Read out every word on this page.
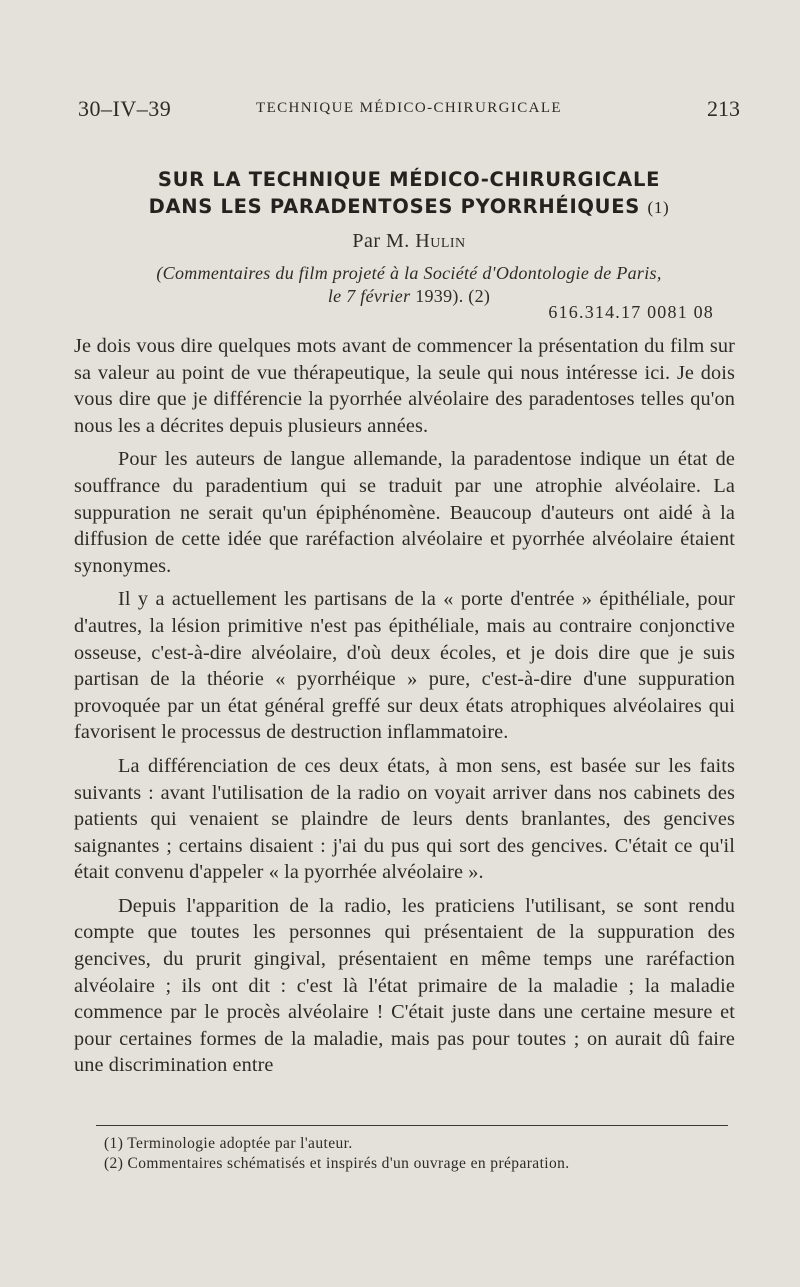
30–IV–39	TECHNIQUE MÉDICO-CHIRURGICALE	213
SUR LA TECHNIQUE MÉDICO-CHIRURGICALE
DANS LES PARADENTOSES PYORRHÉIQUES (1)
Par M. Hulin
(Commentaires du film projeté à la Société d'Odontologie de Paris,
le 7 février 1939). (2)
616.314.17 0081 08

Je dois vous dire quelques mots avant de commencer la présentation du film sur sa valeur au point de vue thérapeutique, la seule qui nous intéresse ici. Je dois vous dire que je différencie la pyorrhée alvéolaire des paradentoses telles qu'on nous les a décrites depuis plusieurs années.

Pour les auteurs de langue allemande, la paradentose indique un état de souffrance du paradentium qui se traduit par une atrophie alvéolaire. La suppuration ne serait qu'un épiphénomène. Beaucoup d'auteurs ont aidé à la diffusion de cette idée que raréfaction alvéolaire et pyorrhée alvéolaire étaient synonymes.

Il y a actuellement les partisans de la « porte d'entrée » épithéliale, pour d'autres, la lésion primitive n'est pas épithéliale, mais au contraire conjonctive osseuse, c'est-à-dire alvéolaire, d'où deux écoles, et je dois dire que je suis partisan de la théorie « pyorrhéique » pure, c'est-à-dire d'une suppuration provoquée par un état général greffé sur deux états atrophiques alvéolaires qui favorisent le processus de destruction inflammatoire.

La différenciation de ces deux états, à mon sens, est basée sur les faits suivants : avant l'utilisation de la radio on voyait arriver dans nos cabinets des patients qui venaient se plaindre de leurs dents branlantes, des gencives saignantes ; certains disaient : j'ai du pus qui sort des gencives. C'était ce qu'il était convenu d'appeler « la pyorrhée alvéolaire ».

Depuis l'apparition de la radio, les praticiens l'utilisant, se sont rendu compte que toutes les personnes qui présentaient de la suppuration des gencives, du prurit gingival, présentaient en même temps une raréfaction alvéolaire ; ils ont dit : c'est là l'état primaire de la maladie ; la maladie commence par le procès alvéolaire ! C'était juste dans une certaine mesure et pour certaines formes de la maladie, mais pas pour toutes ; on aurait dû faire une discrimination entre

(1) Terminologie adoptée par l'auteur.
(2) Commentaires schématisés et inspirés d'un ouvrage en préparation.
